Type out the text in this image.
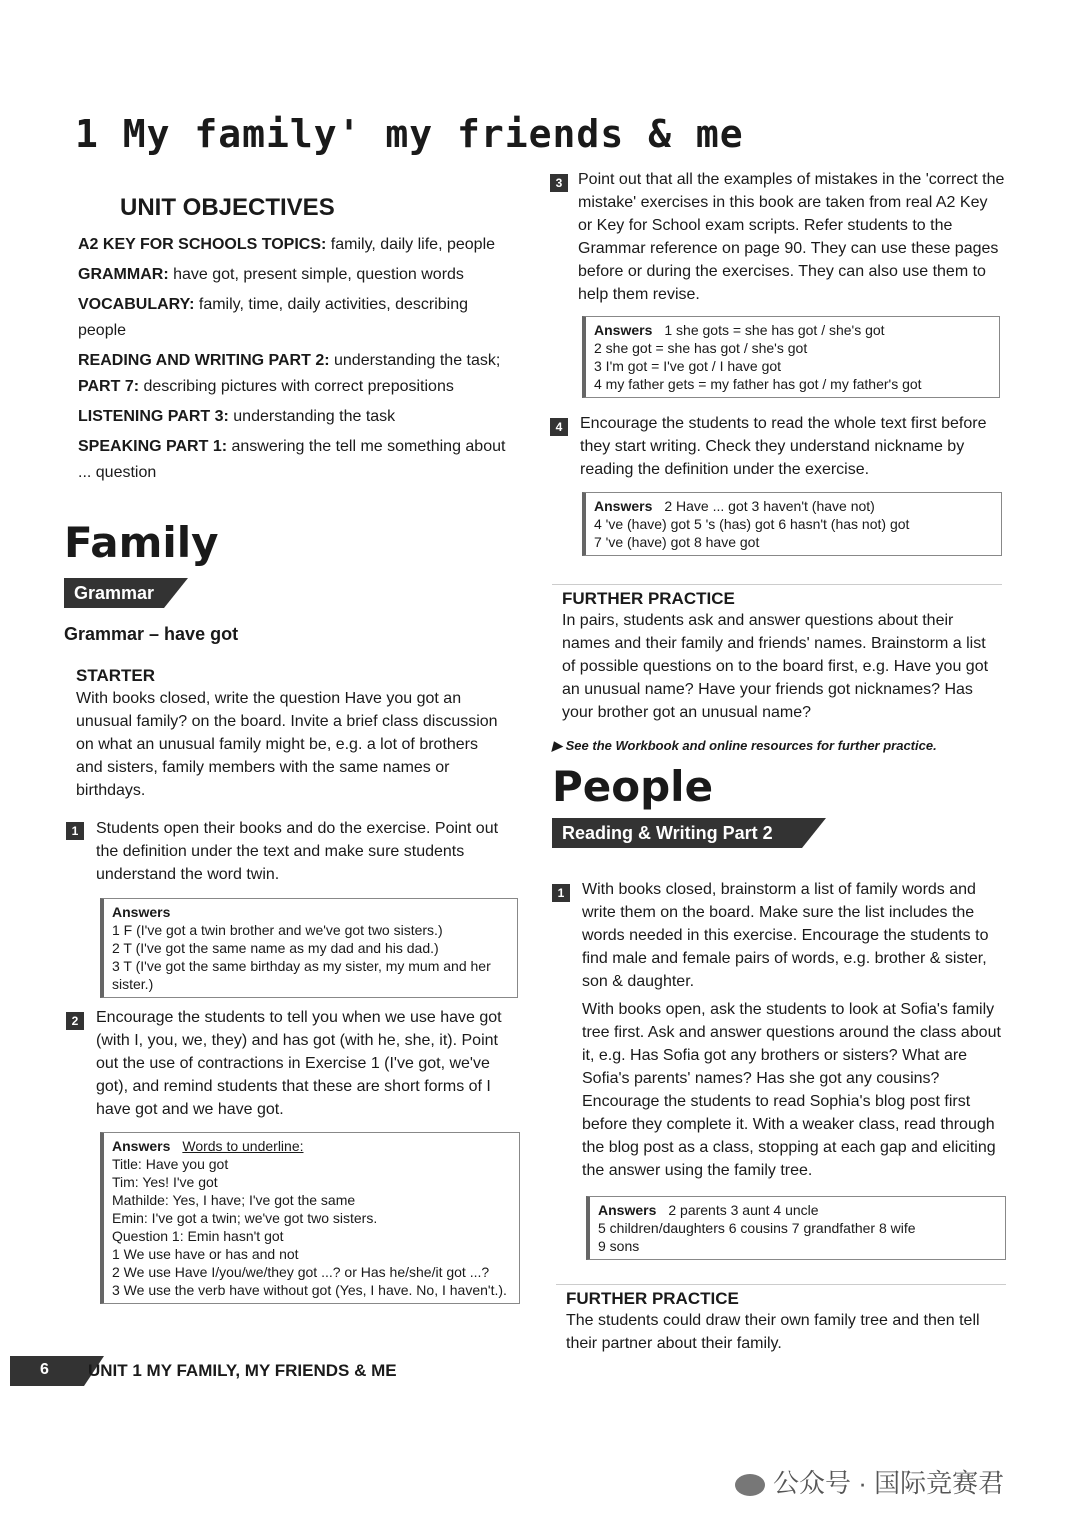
1 My family' my friends & me
UNIT OBJECTIVES
A2 KEY FOR SCHOOLS TOPICS: family, daily life, people
GRAMMAR: have got, present simple, question words
VOCABULARY: family, time, daily activities, describing people
READING AND WRITING PART 2: understanding the task;
PART 7: describing pictures with correct prepositions
LISTENING PART 3: understanding the task
SPEAKING PART 1: answering the tell me something about ... question
Family
Grammar
Grammar – have got
STARTER
With books closed, write the question Have you got an unusual family? on the board. Invite a brief class discussion on what an unusual family might be, e.g. a lot of brothers and sisters, family members with the same names or birthdays.
1	Students open their books and do the exercise. Point out the definition under the text and make sure students understand the word twin.
Answers
1 F (I've got a twin brother and we've got two sisters.)
2 T (I've got the same name as my dad and his dad.)
3 T (I've got the same birthday as my sister, my mum and her sister.)
2	Encourage the students to tell you when we use have got (with I, you, we, they) and has got (with he, she, it). Point out the use of contractions in Exercise 1 (I've got, we've got), and remind students that these are short forms of I have got and we have got.
Answers Words to underline:
Title: Have you got
Tim: Yes! I've got
Mathilde: Yes, I have; I've got the same
Emin: I've got a twin; we've got two sisters.
Question 1: Emin hasn't got
1 We use have or has and not
2 We use Have I/you/we/they got ...? or Has he/she/it got ...?
3 We use the verb have without got (Yes, I have. No, I haven't.).
3 Point out that all the examples of mistakes in the 'correct the mistake' exercises in this book are taken from real A2 Key or Key for School exam scripts. Refer students to the Grammar reference on page 90. They can use these pages before or during the exercises. They can also use them to help them revise.
Answers 1 she gots = she has got / she's got
2 she got = she has got / she's got
3 I'm got = I've got / I have got
4 my father gets = my father has got / my father's got
4	Encourage the students to read the whole text first before they start writing. Check they understand nickname by reading the definition under the exercise.
Answers 2 Have ... got 3 haven't (have not)
4 've (have) got 5 's (has) got 6 hasn't (has not) got
7 've (have) got 8 have got
FURTHER PRACTICE
In pairs, students ask and answer questions about their names and their family and friends' names. Brainstorm a list of possible questions on to the board first, e.g. Have you got an unusual name? Have your friends got nicknames? Has your brother got an unusual name?
▶ See the Workbook and online resources for further practice.
People
Reading & Writing Part 2
1	With books closed, brainstorm a list of family words and write them on the board. Make sure the list includes the words needed in this exercise. Encourage the students to find male and female pairs of words, e.g. brother & sister, son & daughter.
With books open, ask the students to look at Sofia's family tree first. Ask and answer questions around the class about it, e.g. Has Sofia got any brothers or sisters? What are Sofia's parents' names? Has she got any cousins? Encourage the students to read Sophia's blog post first before they complete it. With a weaker class, read through the blog post as a class, stopping at each gap and eliciting the answer using the family tree.
Answers 2 parents 3 aunt 4 uncle
5 children/daughters 6 cousins 7 grandfather 8 wife
9 sons
FURTHER PRACTICE
The students could draw their own family tree and then tell their partner about their family.
6 UNIT 1 MY FAMILY, MY FRIENDS & ME
公众号 · 国际竞赛君
